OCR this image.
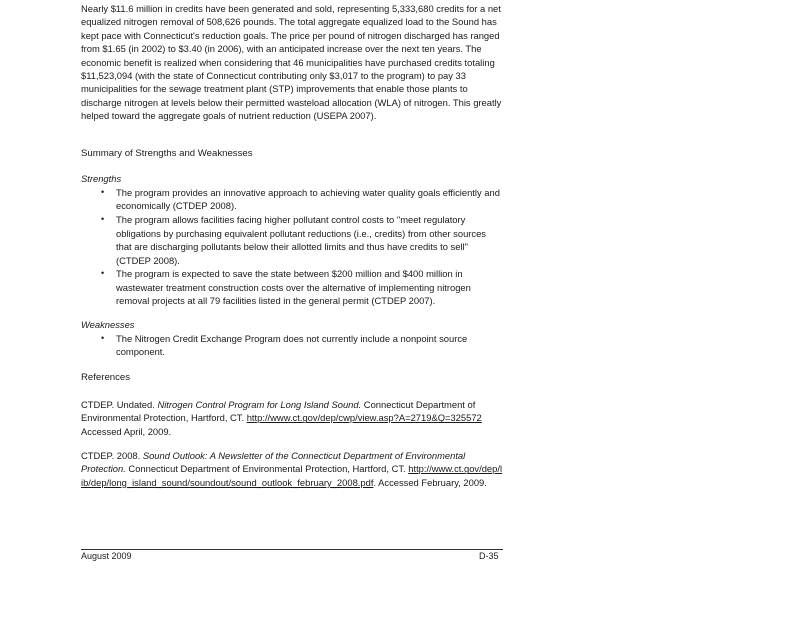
Nearly $11.6 million in credits have been generated and sold, representing 5,333,680 credits for a net equalized nitrogen removal of 508,626 pounds. The total aggregate equalized load to the Sound has kept pace with Connecticut's reduction goals. The price per pound of nitrogen discharged has ranged from $1.65 (in 2002) to $3.40 (in 2006), with an anticipated increase over the next ten years. The economic benefit is realized when considering that 46 municipalities have purchased credits totaling $11,523,094 (with the state of Connecticut contributing only $3,017 to the program) to pay 33 municipalities for the sewage treatment plant (STP) improvements that enable those plants to discharge nitrogen at levels below their permitted wasteload allocation (WLA) of nitrogen. This greatly helped toward the aggregate goals of nutrient reduction (USEPA 2007).

Summary of Strengths and Weaknesses
Strengths
• The program provides an innovative approach to achieving water quality goals efficiently and economically (CTDEP 2008).
• The program allows facilities facing higher pollutant control costs to "meet regulatory obligations by purchasing equivalent pollutant reductions (i.e., credits) from other sources that are discharging pollutants below their allotted limits and thus have credits to sell" (CTDEP 2008).
• The program is expected to save the state between $200 million and $400 million in wastewater treatment construction costs over the alternative of implementing nitrogen removal projects at all 79 facilities listed in the general permit (CTDEP 2007).
Weaknesses
• The Nitrogen Credit Exchange Program does not currently include a nonpoint source component.
References
CTDEP. Undated. Nitrogen Control Program for Long Island Sound. Connecticut Department of Environmental Protection, Hartford, CT. http://www.ct.gov/dep/cwp/view.asp?A=2719&Q=325572 Accessed April, 2009.
CTDEP. 2008. Sound Outlook: A Newsletter of the Connecticut Department of Environmental Protection. Connecticut Department of Environmental Protection, Hartford, CT. http://www.ct.gov/dep/lib/dep/long_island_sound/soundout/sound_outlook_february_2008.pdf. Accessed February, 2009.
August 2009	D-35
